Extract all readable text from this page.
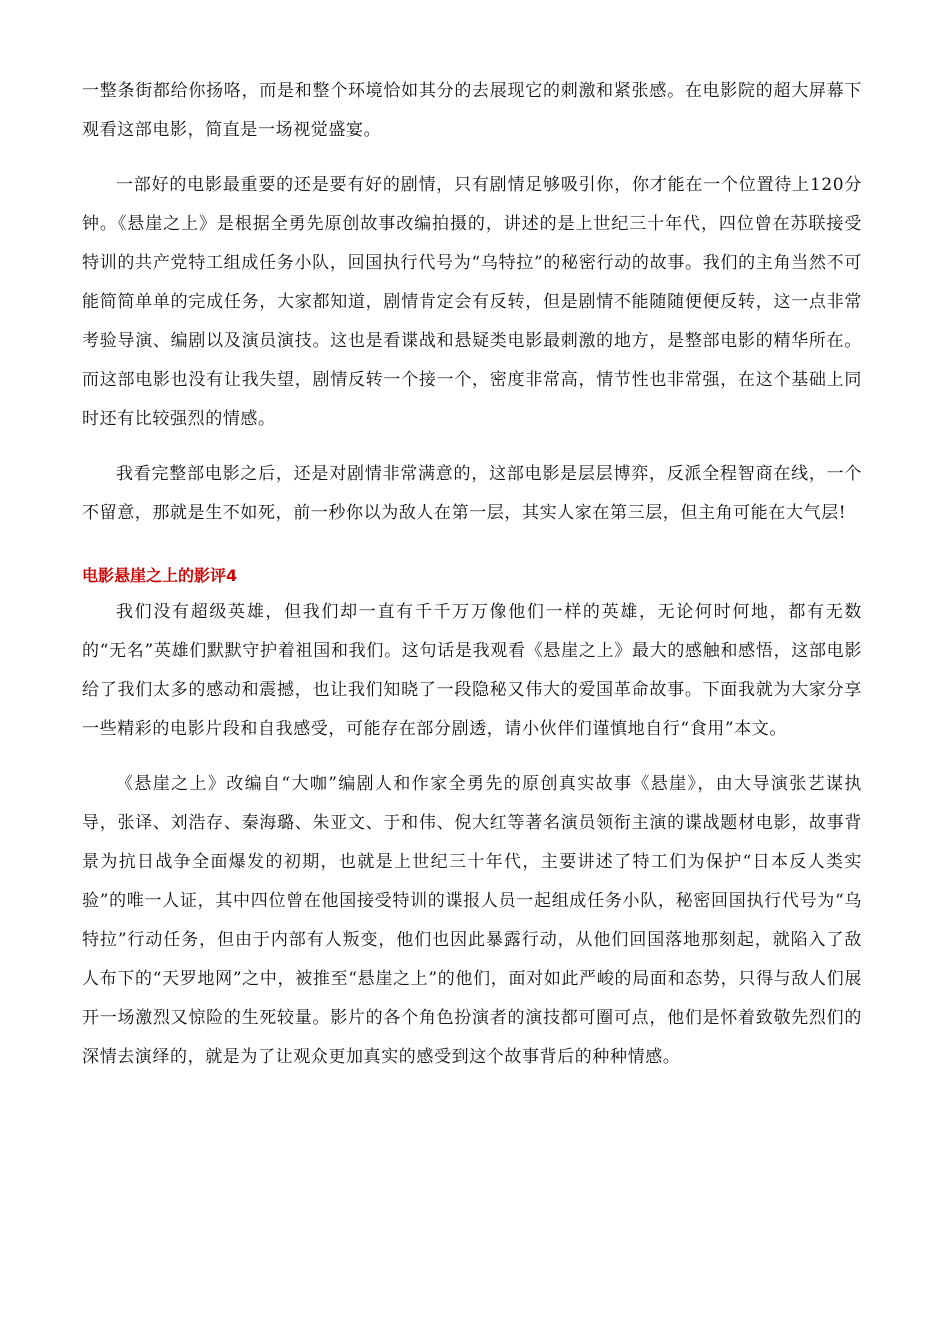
一整条街都给你扬咯，而是和整个环境恰如其分的去展现它的刺激和紧张感。在电影院的超大屏幕下观看这部电影，简直是一场视觉盛宴。

一部好的电影最重要的还是要有好的剧情，只有剧情足够吸引你，你才能在一个位置待上120分钟。《悬崖之上》是根据全勇先原创故事改编拍摄的，讲述的是上世纪三十年代，四位曾在苏联接受特训的共产党特工组成任务小队，回国执行代号为“乌特拉”的秘密行动的故事。我们的主角当然不可能简简单单的完成任务，大家都知道，剧情肯定会有反转，但是剧情不能随随便便反转，这一点非常考验导演、编剧以及演员演技。这也是看谍战和悬疑类电影最刺激的地方，是整部电影的精华所在。而这部电影也没有让我失望，剧情反转一个接一个，密度非常高，情节性也非常强，在这个基础上同时还有比较强烈的情感。

我看完整部电影之后，还是对剧情非常满意的，这部电影是层层博弈，反派全程智商在线，一个不留意，那就是生不如死，前一秒你以为敌人在第一层，其实人家在第三层，但主角可能在大气层!

电影悬崖之上的影评4

我们没有超级英雄，但我们却一直有千千万万像他们一样的英雄，无论何时何地，都有无数的“无名”英雄们默默守护着祖国和我们。这句话是我观看《悬崖之上》最大的感触和感悟，这部电影给了我们太多的感动和震撼，也让我们知晓了一段隐秘又伟大的爱国革命故事。下面我就为大家分享一些精彩的电影片段和自我感受，可能存在部分剧透，请小伙伴们谨慎地自行“食用”本文。

《悬崖之上》改编自“大咖”编剧人和作家全勇先的原创真实故事《悬崖》，由大导演张艺谋执导，张译、刘浩存、秦海璐、朱亚文、于和伟、倪大红等著名演员领衔主演的谍战题材电影，故事背景为抗日战争全面爆发的初期，也就是上世纪三十年代，主要讲述了特工们为保护“日本反人类实验”的唯一人证，其中四位曾在他国接受特训的谍报人员一起组成任务小队，秘密回国执行代号为“乌特拉”行动任务，但由于内部有人叛变，他们也因此暴露行动，从他们回国落地那刻起，就陷入了敌人布下的“天罗地网”之中，被推至“悬崖之上”的他们，面对如此严峻的局面和态势，只得与敌人们展开一场激烈又惊险的生死较量。影片的各个角色扮演者的演技都可圈可点，他们是怀着致敬先烈们的深情去演绎的，就是为了让观众更加真实的感受到这个故事背后的种种情感。
